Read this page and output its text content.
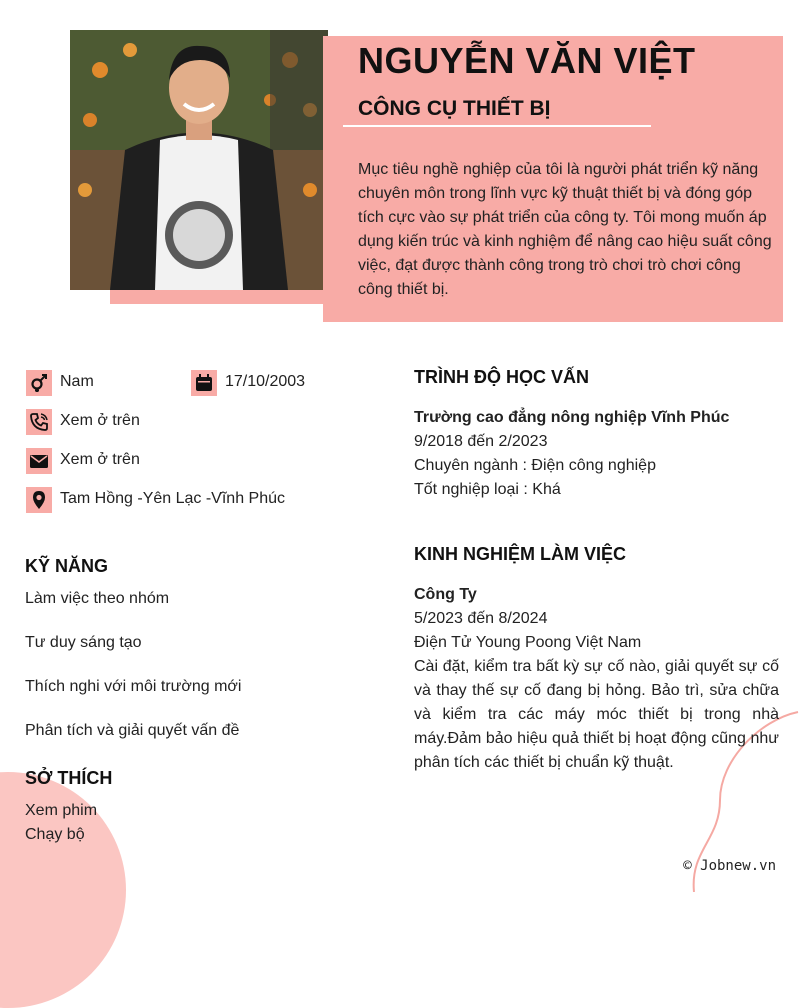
NGUYỄN VĂN VIỆT
CÔNG CỤ THIẾT BỊ
Mục tiêu nghề nghiệp của tôi là người phát triển kỹ năng chuyên môn trong lĩnh vực kỹ thuật thiết bị và đóng góp tích cực vào sự phát triển của công ty. Tôi mong muốn áp dụng kiến trúc và kinh nghiệm để nâng cao hiệu suất công việc, đạt được thành công trong trò chơi trò chơi công công thiết bị.
Nam	17/10/2003
Xem ở trên
Xem ở trên
Tam Hồng -Yên Lạc -Vĩnh Phúc
KỸ NĂNG
Làm việc theo nhóm
Tư duy sáng tạo
Thích nghi với môi trường mới
Phân tích và giải quyết vấn đề
SỞ THÍCH
Xem phim
Chạy bộ
TRÌNH ĐỘ HỌC VẤN
Trường cao đẳng nông nghiệp Vĩnh Phúc
9/2018 đến 2/2023
Chuyên ngành : Điện công nghiệp
Tốt nghiệp loại : Khá
KINH NGHIỆM LÀM VIỆC
Công Ty
5/2023 đến 8/2024
Điện Tử Young Poong Việt Nam
Cài đặt, kiểm tra bất kỳ sự cố nào, giải quyết sự cố và thay thế sự cố đang bị hỏng. Bảo trì, sửa chữa và kiểm tra các máy móc thiết bị trong nhà máy.Đảm bảo hiệu quả thiết bị hoạt động cũng như phân tích các thiết bị chuẩn kỹ thuật.
© Jobnew.vn
